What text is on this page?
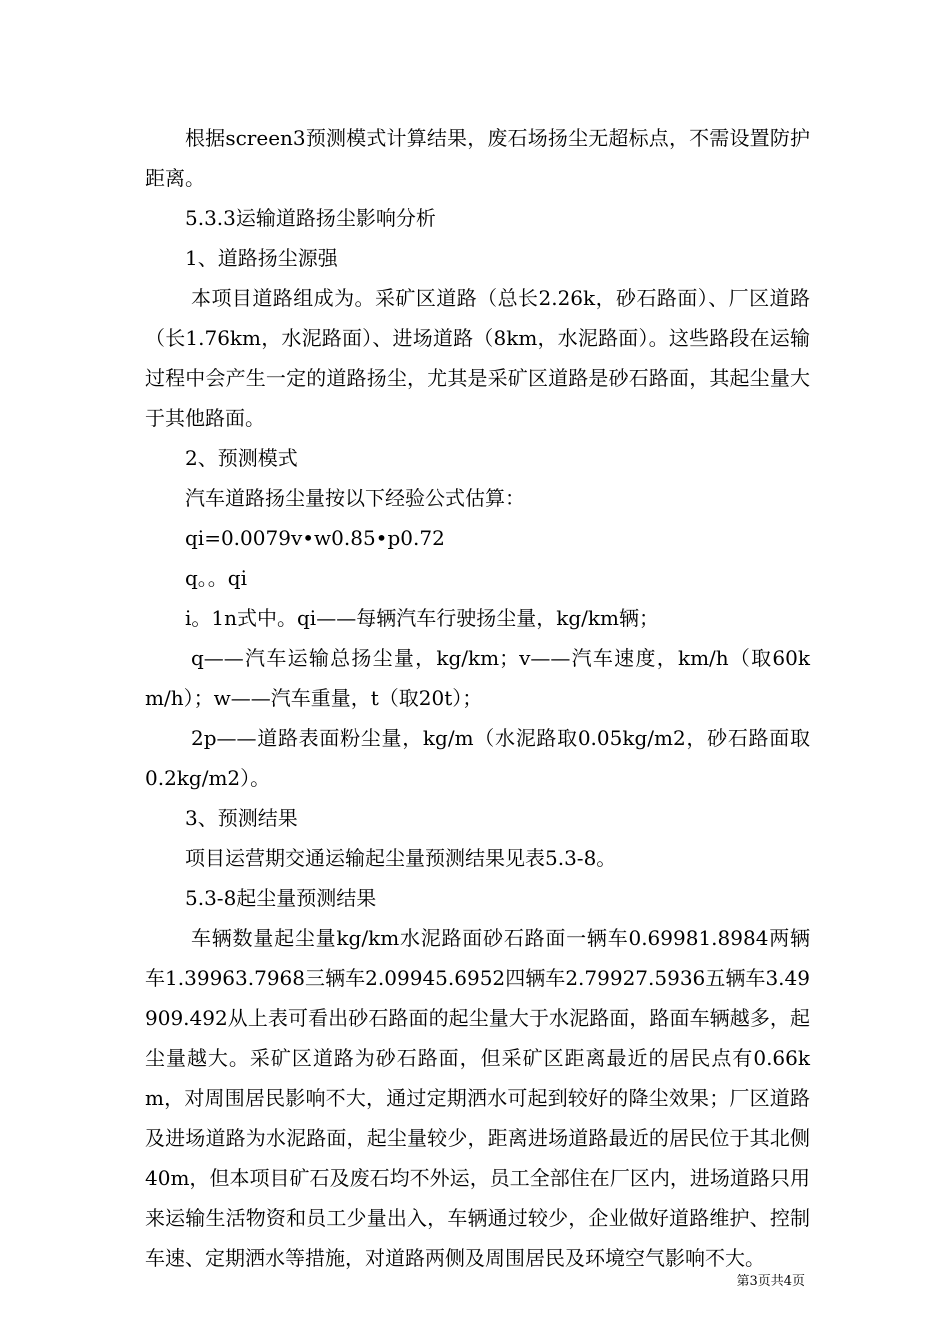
根据screen3预测模式计算结果，废石场扬尘无超标点，不需设置防护距离。

5.3.3运输道路扬尘影响分析

1、道路扬尘源强

本项目道路组成为。采矿区道路（总长2.26k，砂石路面）、厂区道路（长1.76km，水泥路面）、进场道路（8km，水泥路面）。这些路段在运输过程中会产生一定的道路扬尘，尤其是采矿区道路是砂石路面，其起尘量大于其他路面。

2、预测模式

汽车道路扬尘量按以下经验公式估算：

qi=0.0079v•w0.85•p0.72

q。。qi

i。1n式中。qi——每辆汽车行驶扬尘量，kg/km辆；

q——汽车运输总扬尘量，kg/km；v——汽车速度，km/h（取60km/h）；w——汽车重量，t（取20t）；

2p——道路表面粉尘量，kg/m（水泥路取0.05kg/m2，砂石路面取0.2kg/m2）。

3、预测结果

项目运营期交通运输起尘量预测结果见表5.3-8。

5.3-8起尘量预测结果

车辆数量起尘量kg/km水泥路面砂石路面一辆车0.69981.8984两辆车1.39963.7968三辆车2.09945.6952四辆车2.79927.5936五辆车3.49909.492从上表可看出砂石路面的起尘量大于水泥路面，路面车辆越多，起尘量越大。采矿区道路为砂石路面，但采矿区距离最近的居民点有0.66km，对周围居民影响不大，通过定期洒水可起到较好的降尘效果；厂区道路及进场道路为水泥路面，起尘量较少，距离进场道路最近的居民位于其北侧40m，但本项目矿石及废石均不外运，员工全部住在厂区内，进场道路只用来运输生活物资和员工少量出入，车辆通过较少，企业做好道路维护、控制车速、定期洒水等措施，对道路两侧及周围居民及环境空气影响不大。

第3页共4页
